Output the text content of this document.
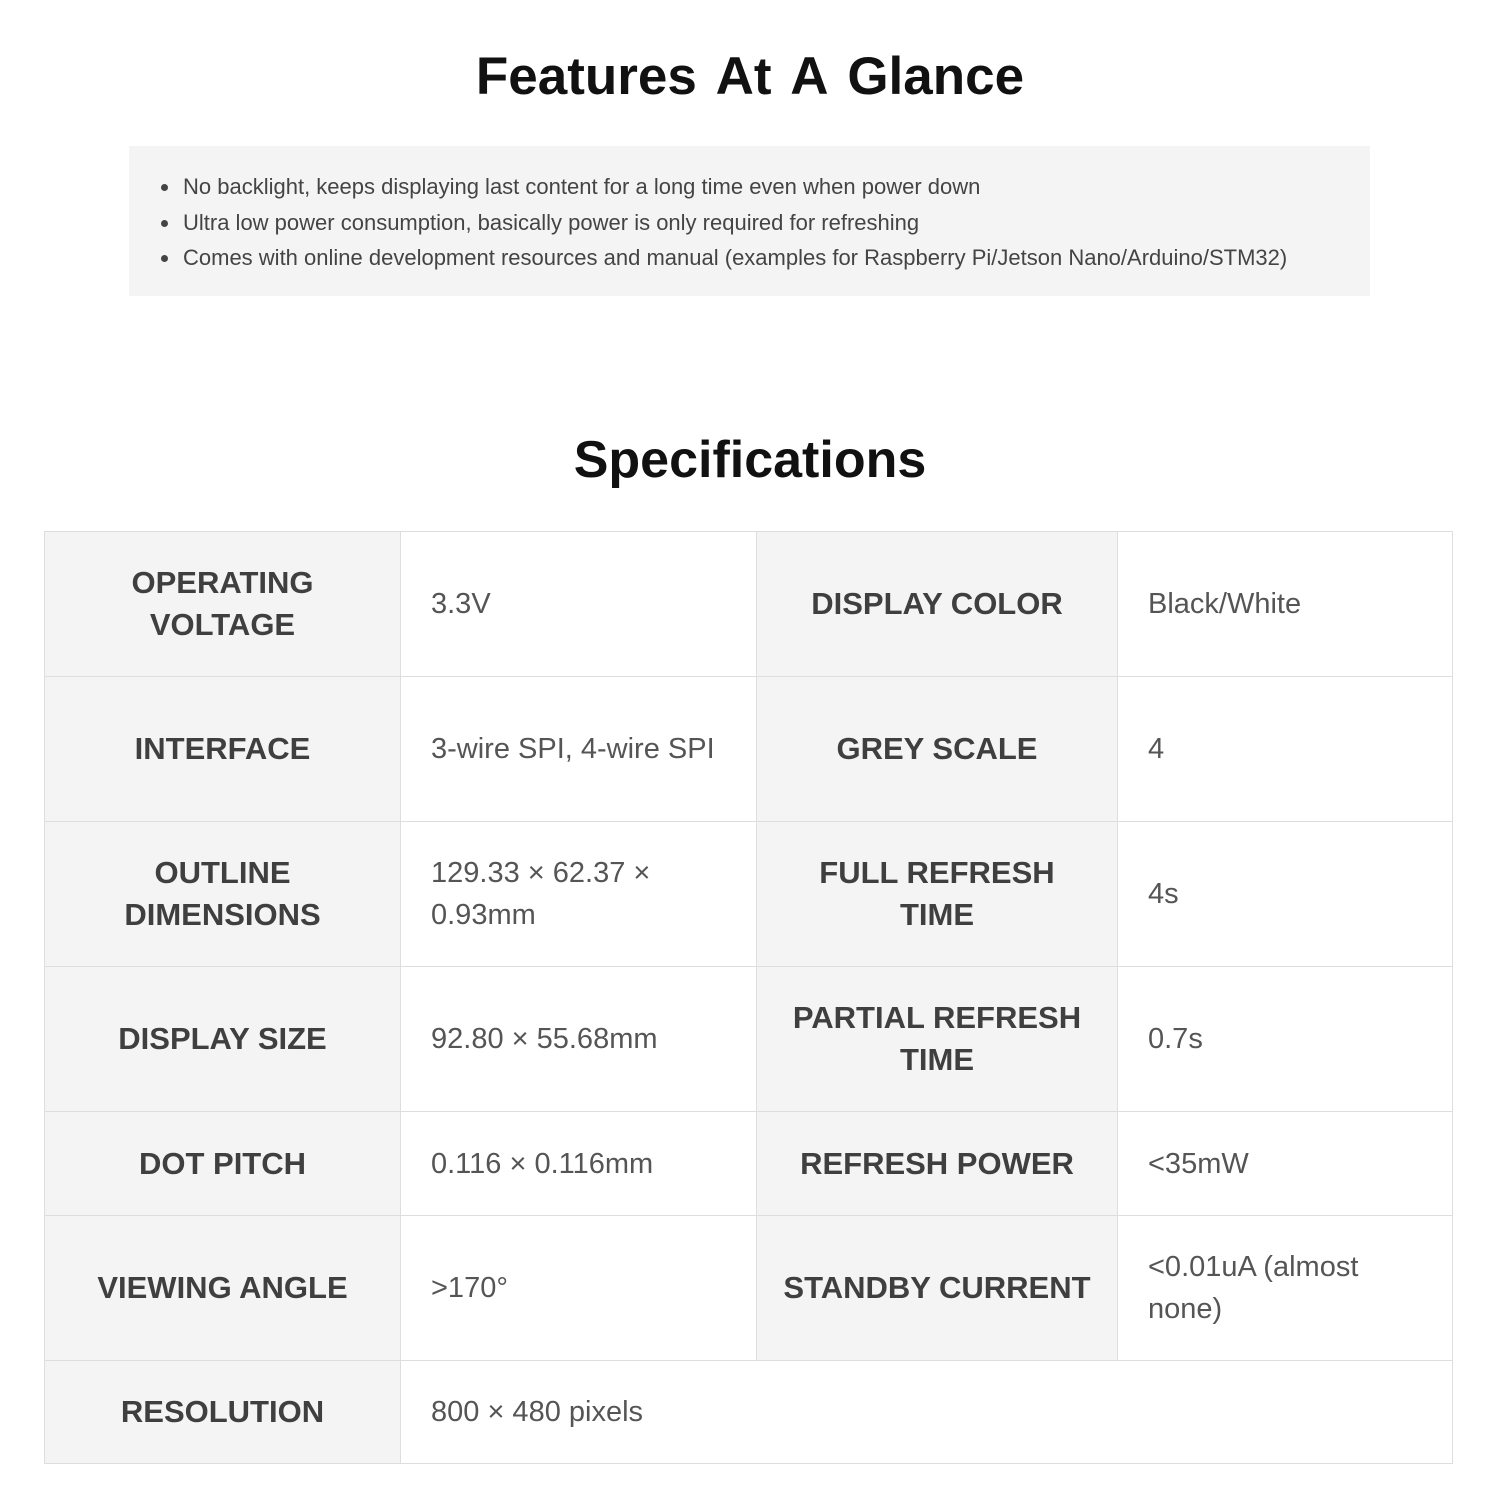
Features At A Glance
No backlight, keeps displaying last content for a long time even when power down
Ultra low power consumption, basically power is only required for refreshing
Comes with online development resources and manual (examples for Raspberry Pi/Jetson Nano/Arduino/STM32)
Specifications
OPERATING VOLTAGE	3.3V	DISPLAY COLOR	Black/White
INTERFACE	3-wire SPI, 4-wire SPI	GREY SCALE	4
OUTLINE DIMENSIONS	129.33 × 62.37 × 0.93mm	FULL REFRESH TIME	4s
DISPLAY SIZE	92.80 × 55.68mm	PARTIAL REFRESH TIME	0.7s
DOT PITCH	0.116 × 0.116mm	REFRESH POWER	<35mW
VIEWING ANGLE	>170°	STANDBY CURRENT	<0.01uA (almost none)
RESOLUTION	800 × 480 pixels		
